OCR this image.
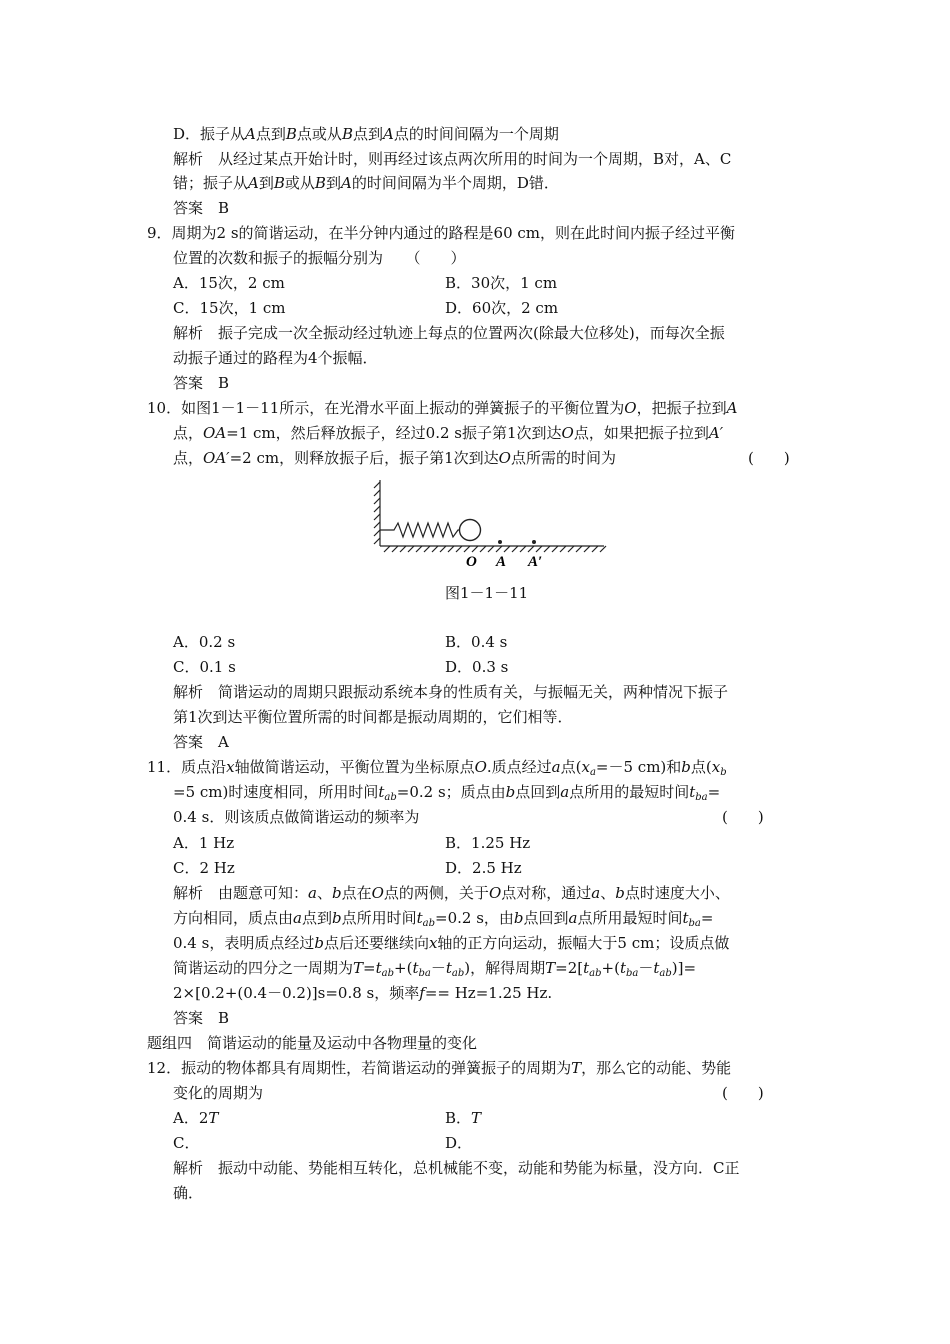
D．振子从A点到B点或从B点到A点的时间间隔为一个周期
解析　从经过某点开始计时，则再经过该点两次所用的时间为一个周期，B对，A、C
错；振子从A到B或从B到A的时间间隔为半个周期，D错．
答案　B
9．周期为2 s的简谐运动，在半分钟内通过的路程是60 cm，则在此时间内振子经过平衡
位置的次数和振子的振幅分别为　　（　　）
A．15次，2 cm	B．30次，1 cm
C．15次，1 cm	D．60次，2 cm
解析　振子完成一次全振动经过轨迹上每点的位置两次(除最大位移处)，而每次全振
动振子通过的路程为4个振幅．
答案　B
10．如图1－1－11所示，在光滑水平面上振动的弹簧振子的平衡位置为O，把振子拉到A
点，OA=1 cm，然后释放振子，经过0.2 s振子第1次到达O点，如果把振子拉到A′
点，OA′=2 cm，则释放振子后，振子第1次到达O点所需的时间为	(　　)
O A A′
图1－1－11
A．0.2 s	B．0.4 s
C．0.1 s	D．0.3 s
解析　简谐运动的周期只跟振动系统本身的性质有关，与振幅无关，两种情况下振子
第1次到达平衡位置所需的时间都是振动周期的，它们相等．
答案　A
11．质点沿x轴做简谐运动，平衡位置为坐标原点O.质点经过a点($x_a=-5$ cm)和b点($x_b$
=5 cm)时速度相同，所用时间$t_{ab}=0.2$ s；质点由b点回到a点所用的最短时间$t_{ba}=$
0.4 s．则该质点做简谐运动的频率为	(　　)
A．1 Hz	B．1.25 Hz
C．2 Hz	D．2.5 Hz
解析　由题意可知：a、b点在O点的两侧，关于O点对称，通过a、b点时速度大小、
方向相同，质点由a点到b点所用时间$t_{ab}=0.2$ s，由b点回到a点所用最短时间$t_{ba}=$
0.4 s，表明质点经过b点后还要继续向x轴的正方向运动，振幅大于5 cm；设质点做
简谐运动的四分之一周期为$T=t_{ab}+(t_{ba}-t_{ab})$，解得周期$T=2[t_{ab}+(t_{ba}-t_{ab})]=$
2×[0.2+(0.4－0.2)]s=0.8 s，频率f== Hz=1.25 Hz.
答案　B
题组四　简谐运动的能量及运动中各物理量的变化
12．振动的物体都具有周期性，若简谐运动的弹簧振子的周期为T，那么它的动能、势能
变化的周期为	(　　)
A．2T	B．T
C．	D．
解析　振动中动能、势能相互转化，总机械能不变，动能和势能为标量，没方向．C正
确．
